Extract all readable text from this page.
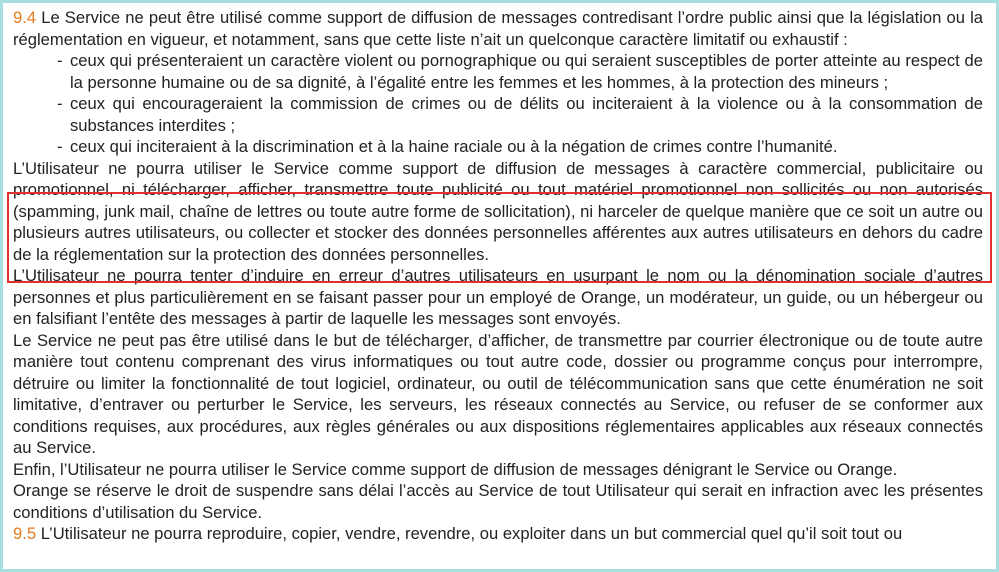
9.4 Le Service ne peut être utilisé comme support de diffusion de messages contredisant l’ordre public ainsi que la législation ou la réglementation en vigueur, et notamment, sans que cette liste n’ait un quelconque caractère limitatif ou exhaustif :

- ceux qui présenteraient un caractère violent ou pornographique ou qui seraient susceptibles de porter atteinte au respect de la personne humaine ou de sa dignité, à l’égalité entre les femmes et les hommes, à la protection des mineurs ;
- ceux qui encourageraient la commission de crimes ou de délits ou inciteraient à la violence ou à la consommation de substances interdites ;
- ceux qui inciteraient à la discrimination et à la haine raciale ou à la négation de crimes contre l’humanité.

L’Utilisateur ne pourra utiliser le Service comme support de diffusion de messages à caractère commercial, publicitaire ou promotionnel, ni télécharger, afficher, transmettre toute publicité ou tout matériel promotionnel non sollicités ou non autorisés (spamming, junk mail, chaîne de lettres ou toute autre forme de sollicitation), ni harceler de quelque manière que ce soit un autre ou plusieurs autres utilisateurs, ou collecter et stocker des données personnelles afférentes aux autres utilisateurs en dehors du cadre de la réglementation sur la protection des données personnelles.

L’Utilisateur ne pourra tenter d’induire en erreur d’autres utilisateurs en usurpant le nom ou la dénomination sociale d’autres personnes et plus particulièrement en se faisant passer pour un employé de Orange, un modérateur, un guide, ou un hébergeur ou en falsifiant l’entête des messages à partir de laquelle les messages sont envoyés.

Le Service ne peut pas être utilisé dans le but de télécharger, d’afficher, de transmettre par courrier électronique ou de toute autre manière tout contenu comprenant des virus informatiques ou tout autre code, dossier ou programme conçus pour interrompre, détruire ou limiter la fonctionnalité de tout logiciel, ordinateur, ou outil de télécommunication sans que cette énumération ne soit limitative, d’entraver ou perturber le Service, les serveurs, les réseaux connectés au Service, ou refuser de se conformer aux conditions requises, aux procédures, aux règles générales ou aux dispositions réglementaires applicables aux réseaux connectés au Service.

Enfin, l’Utilisateur ne pourra utiliser le Service comme support de diffusion de messages dénigrant le Service ou Orange.

Orange se réserve le droit de suspendre sans délai l’accès au Service de tout Utilisateur qui serait en infraction avec les présentes conditions d’utilisation du Service.

9.5 L’Utilisateur ne pourra reproduire, copier, vendre, revendre, ou exploiter dans un but commercial quel qu’il soit tout ou
